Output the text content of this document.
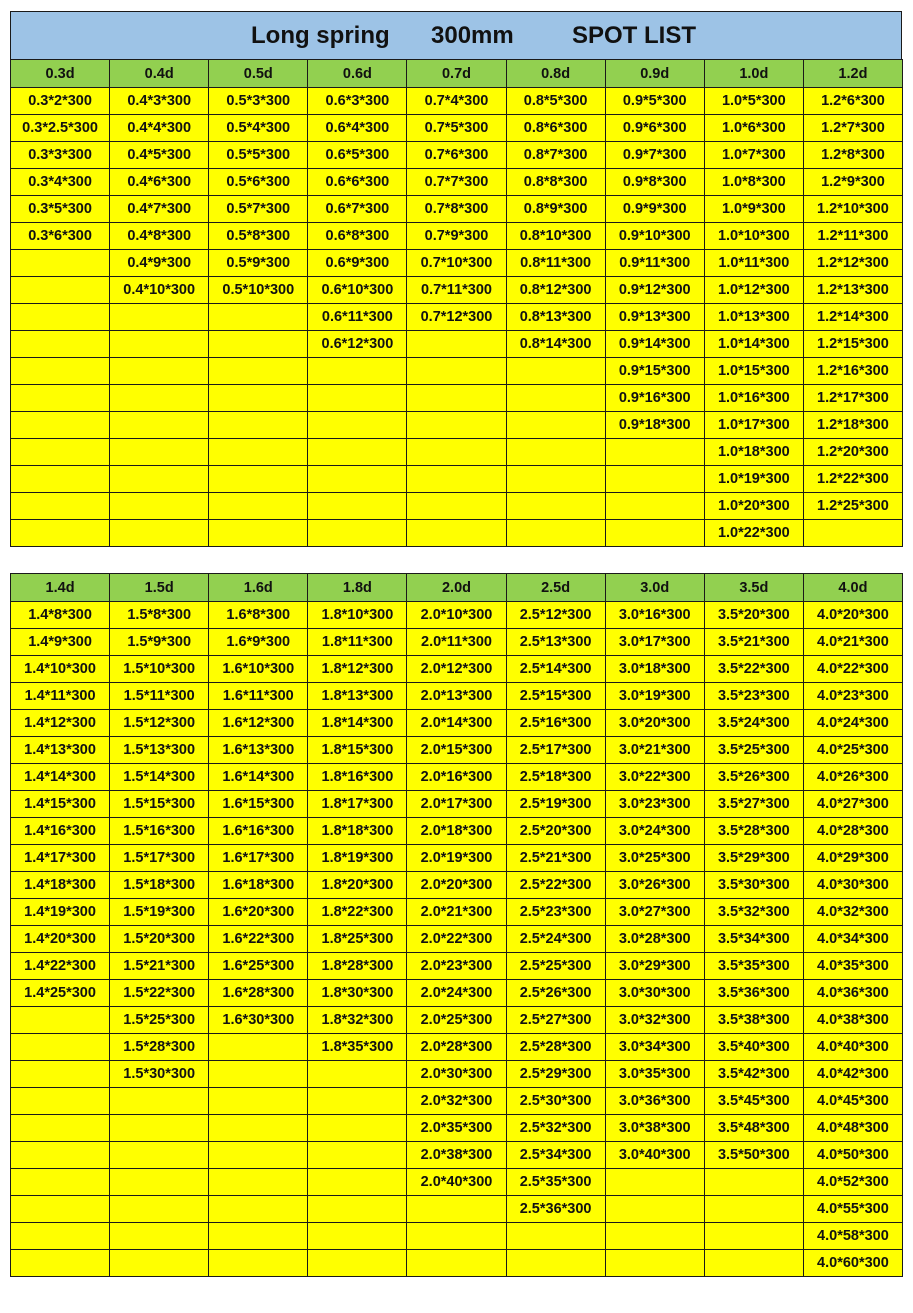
Long spring 300mm SPOT LIST
0.3d	0.4d	0.5d	0.6d	0.7d	0.8d	0.9d	1.0d	1.2d
0.3*2*300	0.4*3*300	0.5*3*300	0.6*3*300	0.7*4*300	0.8*5*300	0.9*5*300	1.0*5*300	1.2*6*300
0.3*2.5*300	0.4*4*300	0.5*4*300	0.6*4*300	0.7*5*300	0.8*6*300	0.9*6*300	1.0*6*300	1.2*7*300
0.3*3*300	0.4*5*300	0.5*5*300	0.6*5*300	0.7*6*300	0.8*7*300	0.9*7*300	1.0*7*300	1.2*8*300
0.3*4*300	0.4*6*300	0.5*6*300	0.6*6*300	0.7*7*300	0.8*8*300	0.9*8*300	1.0*8*300	1.2*9*300
0.3*5*300	0.4*7*300	0.5*7*300	0.6*7*300	0.7*8*300	0.8*9*300	0.9*9*300	1.0*9*300	1.2*10*300
0.3*6*300	0.4*8*300	0.5*8*300	0.6*8*300	0.7*9*300	0.8*10*300	0.9*10*300	1.0*10*300	1.2*11*300
	0.4*9*300	0.5*9*300	0.6*9*300	0.7*10*300	0.8*11*300	0.9*11*300	1.0*11*300	1.2*12*300
	0.4*10*300	0.5*10*300	0.6*10*300	0.7*11*300	0.8*12*300	0.9*12*300	1.0*12*300	1.2*13*300
			0.6*11*300	0.7*12*300	0.8*13*300	0.9*13*300	1.0*13*300	1.2*14*300
			0.6*12*300		0.8*14*300	0.9*14*300	1.0*14*300	1.2*15*300
						0.9*15*300	1.0*15*300	1.2*16*300
						0.9*16*300	1.0*16*300	1.2*17*300
						0.9*18*300	1.0*17*300	1.2*18*300
							1.0*18*300	1.2*20*300
							1.0*19*300	1.2*22*300
							1.0*20*300	1.2*25*300
							1.0*22*300	
1.4d	1.5d	1.6d	1.8d	2.0d	2.5d	3.0d	3.5d	4.0d
1.4*8*300	1.5*8*300	1.6*8*300	1.8*10*300	2.0*10*300	2.5*12*300	3.0*16*300	3.5*20*300	4.0*20*300
1.4*9*300	1.5*9*300	1.6*9*300	1.8*11*300	2.0*11*300	2.5*13*300	3.0*17*300	3.5*21*300	4.0*21*300
1.4*10*300	1.5*10*300	1.6*10*300	1.8*12*300	2.0*12*300	2.5*14*300	3.0*18*300	3.5*22*300	4.0*22*300
1.4*11*300	1.5*11*300	1.6*11*300	1.8*13*300	2.0*13*300	2.5*15*300	3.0*19*300	3.5*23*300	4.0*23*300
1.4*12*300	1.5*12*300	1.6*12*300	1.8*14*300	2.0*14*300	2.5*16*300	3.0*20*300	3.5*24*300	4.0*24*300
1.4*13*300	1.5*13*300	1.6*13*300	1.8*15*300	2.0*15*300	2.5*17*300	3.0*21*300	3.5*25*300	4.0*25*300
1.4*14*300	1.5*14*300	1.6*14*300	1.8*16*300	2.0*16*300	2.5*18*300	3.0*22*300	3.5*26*300	4.0*26*300
1.4*15*300	1.5*15*300	1.6*15*300	1.8*17*300	2.0*17*300	2.5*19*300	3.0*23*300	3.5*27*300	4.0*27*300
1.4*16*300	1.5*16*300	1.6*16*300	1.8*18*300	2.0*18*300	2.5*20*300	3.0*24*300	3.5*28*300	4.0*28*300
1.4*17*300	1.5*17*300	1.6*17*300	1.8*19*300	2.0*19*300	2.5*21*300	3.0*25*300	3.5*29*300	4.0*29*300
1.4*18*300	1.5*18*300	1.6*18*300	1.8*20*300	2.0*20*300	2.5*22*300	3.0*26*300	3.5*30*300	4.0*30*300
1.4*19*300	1.5*19*300	1.6*20*300	1.8*22*300	2.0*21*300	2.5*23*300	3.0*27*300	3.5*32*300	4.0*32*300
1.4*20*300	1.5*20*300	1.6*22*300	1.8*25*300	2.0*22*300	2.5*24*300	3.0*28*300	3.5*34*300	4.0*34*300
1.4*22*300	1.5*21*300	1.6*25*300	1.8*28*300	2.0*23*300	2.5*25*300	3.0*29*300	3.5*35*300	4.0*35*300
1.4*25*300	1.5*22*300	1.6*28*300	1.8*30*300	2.0*24*300	2.5*26*300	3.0*30*300	3.5*36*300	4.0*36*300
	1.5*25*300	1.6*30*300	1.8*32*300	2.0*25*300	2.5*27*300	3.0*32*300	3.5*38*300	4.0*38*300
	1.5*28*300		1.8*35*300	2.0*28*300	2.5*28*300	3.0*34*300	3.5*40*300	4.0*40*300
	1.5*30*300			2.0*30*300	2.5*29*300	3.0*35*300	3.5*42*300	4.0*42*300
				2.0*32*300	2.5*30*300	3.0*36*300	3.5*45*300	4.0*45*300
				2.0*35*300	2.5*32*300	3.0*38*300	3.5*48*300	4.0*48*300
				2.0*38*300	2.5*34*300	3.0*40*300	3.5*50*300	4.0*50*300
				2.0*40*300	2.5*35*300			4.0*52*300
					2.5*36*300			4.0*55*300
								4.0*58*300
								4.0*60*300
